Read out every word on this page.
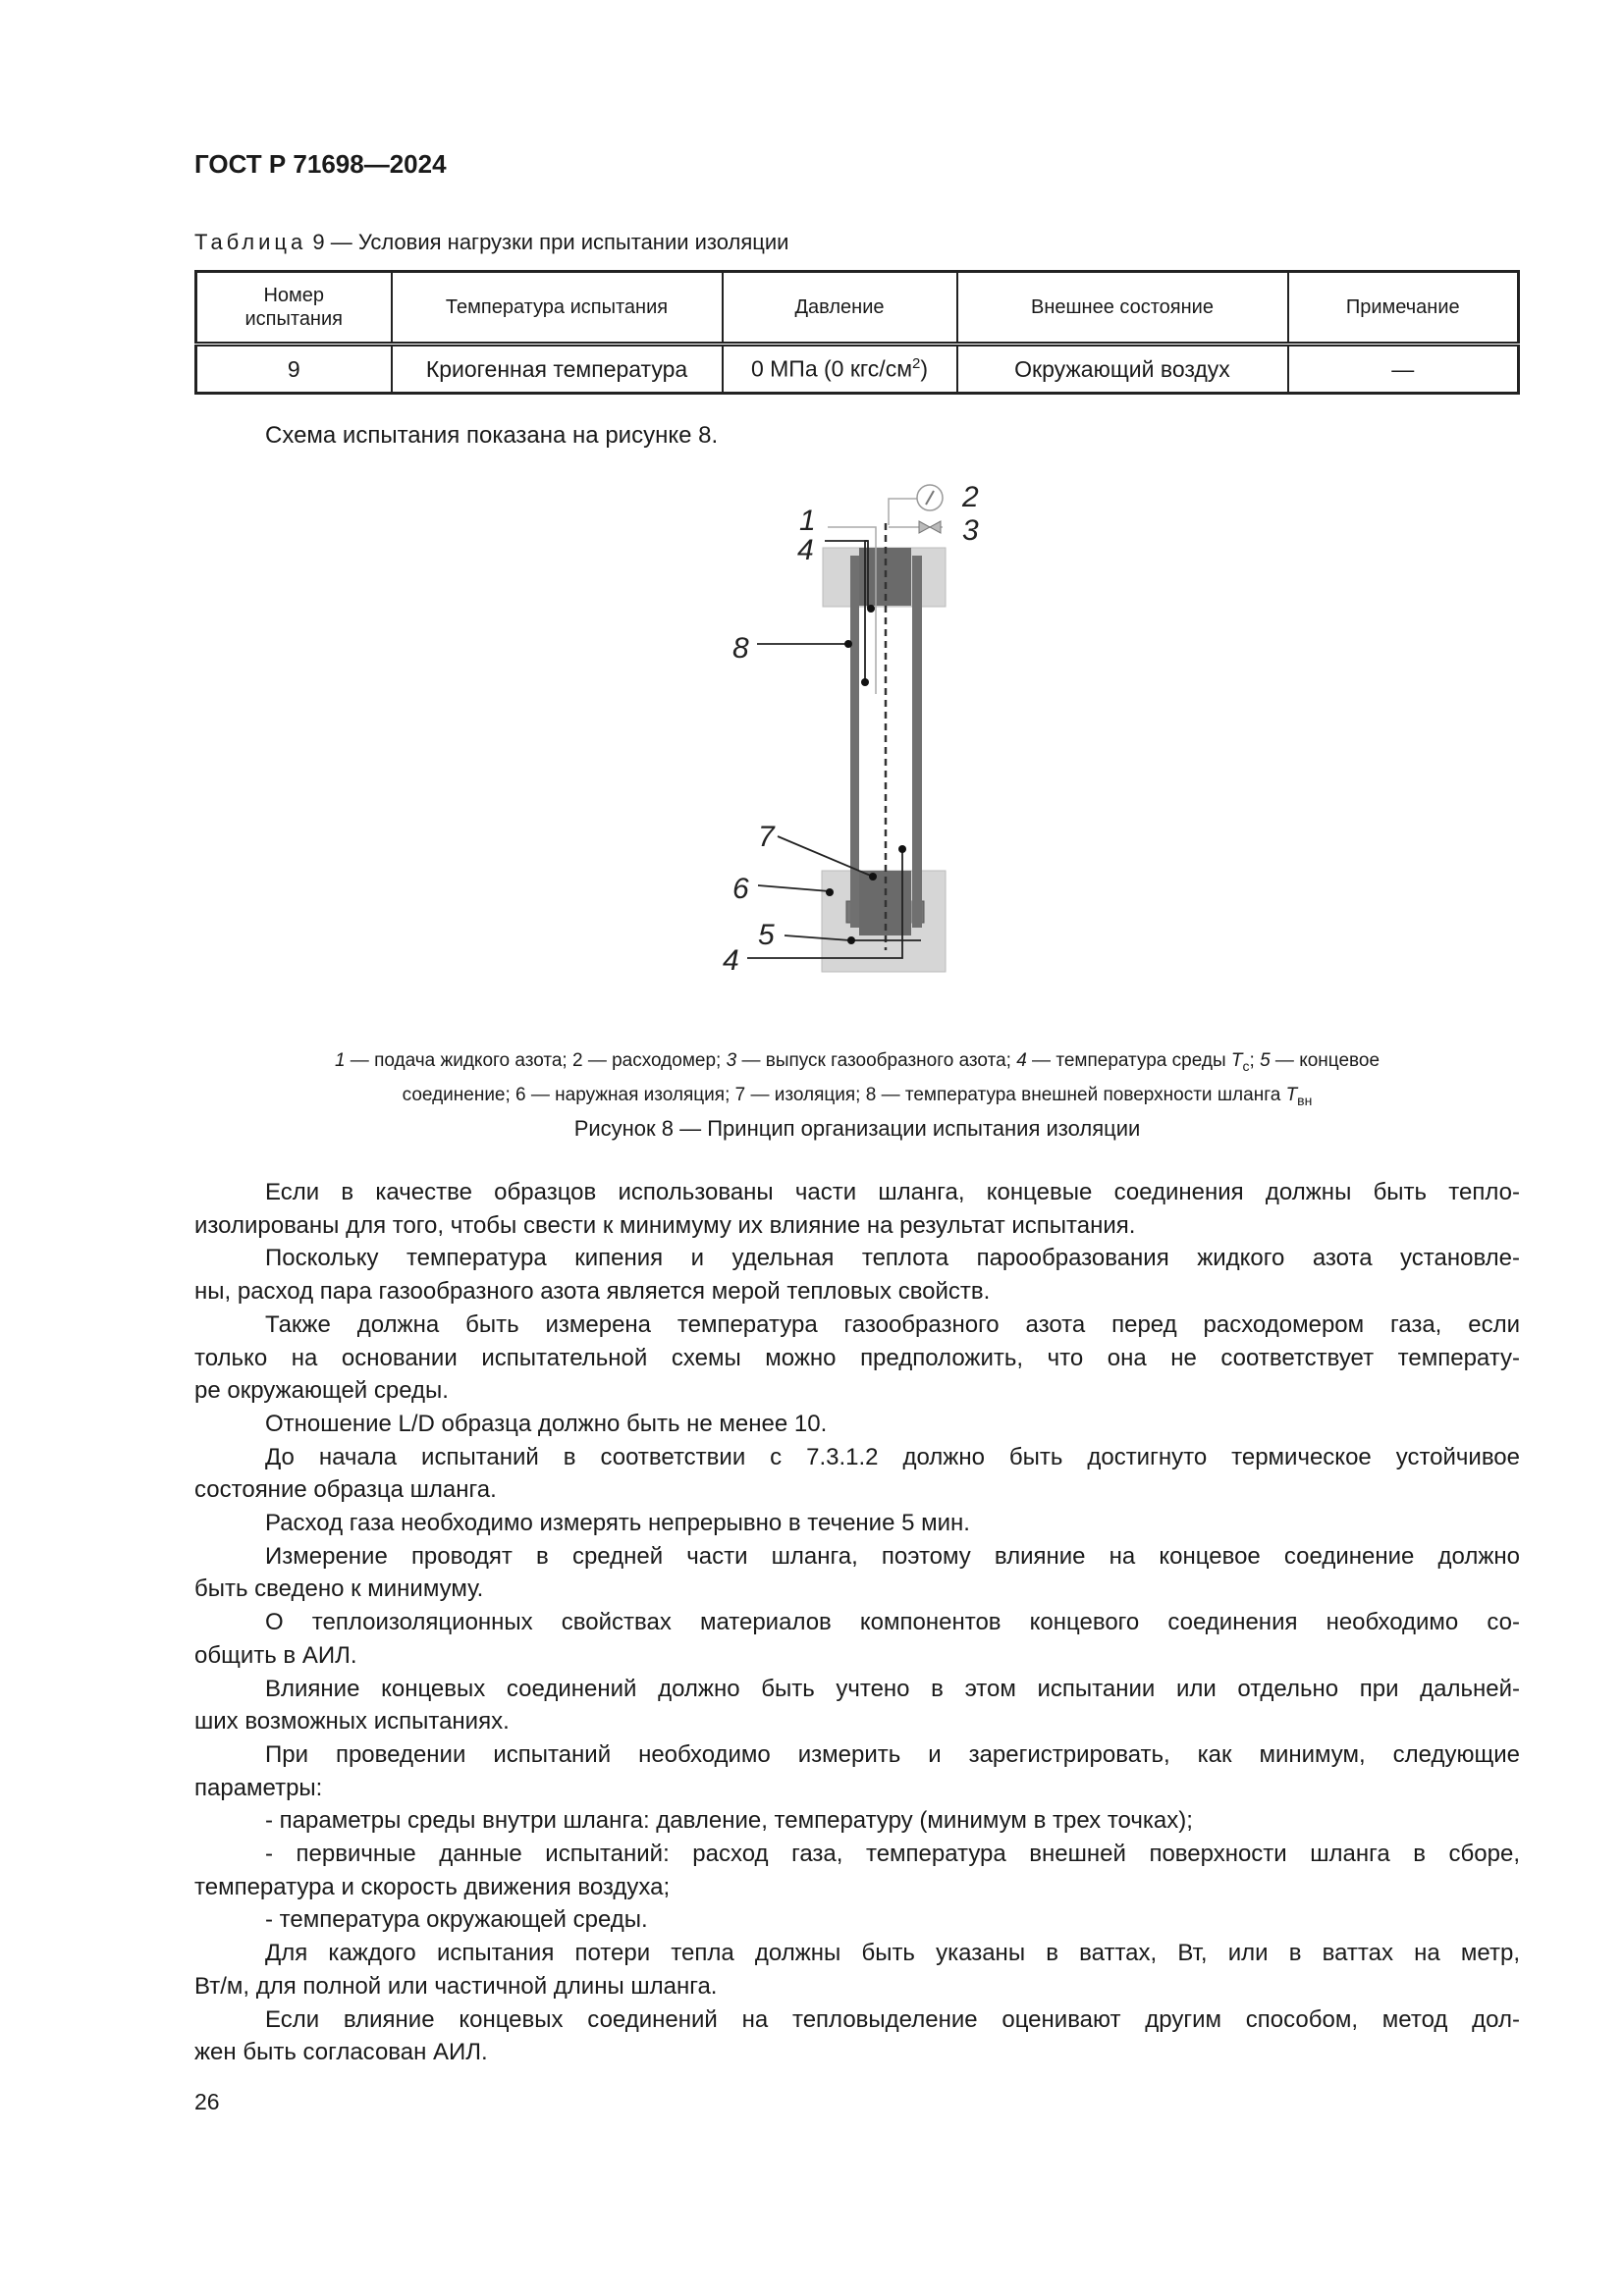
ГОСТ Р 71698—2024
Таблица 9 — Условия нагрузки при испытании изоляции
Номер испытания	Температура испытания	Давление	Внешнее состояние	Примечание
9	Криогенная температура	0 МПа (0 кгс/$см^2$)	Окружающий воздух	—
Схема испытания показана на рисунке 8.
2
3
1
4
8
7
6
5
4
1 — подача жидкого азота; 2 — расходомер; 3 — выпуск газообразного азота; 4 — температура среды $T_с$; 5 — концевое
соединение; 6 — наружная изоляция; 7 — изоляция; 8 — температура внешней поверхности шланга $T_{вн}$
Рисунок 8 — Принцип организации испытания изоляции
Если в качестве образцов использованы части шланга, концевые соединения должны быть тепло-
изолированы для того, чтобы свести к минимуму их влияние на результат испытания.
Поскольку температура кипения и удельная теплота парообразования жидкого азота установле-
ны, расход пара газообразного азота является мерой тепловых свойств.
Также должна быть измерена температура газообразного азота перед расходомером газа, если
только на основании испытательной схемы можно предположить, что она не соответствует температу-
ре окружающей среды.
Отношение L/D образца должно быть не менее 10.
До начала испытаний в соответствии с 7.3.1.2 должно быть достигнуто термическое устойчивое
состояние образца шланга.
Расход газа необходимо измерять непрерывно в течение 5 мин.
Измерение проводят в средней части шланга, поэтому влияние на концевое соединение должно
быть сведено к минимуму.
О теплоизоляционных свойствах материалов компонентов концевого соединения необходимо со-
общить в АИЛ.
Влияние концевых соединений должно быть учтено в этом испытании или отдельно при дальней-
ших возможных испытаниях.
При проведении испытаний необходимо измерить и зарегистрировать, как минимум, следующие
параметры:
- параметры среды внутри шланга: давление, температуру (минимум в трех точках);
- первичные данные испытаний: расход газа, температура внешней поверхности шланга в сборе,
температура и скорость движения воздуха;
- температура окружающей среды.
Для каждого испытания потери тепла должны быть указаны в ваттах, Вт, или в ваттах на метр,
Вт/м, для полной или частичной длины шланга.
Если влияние концевых соединений на тепловыделение оценивают другим способом, метод дол-
жен быть согласован АИЛ.
26
